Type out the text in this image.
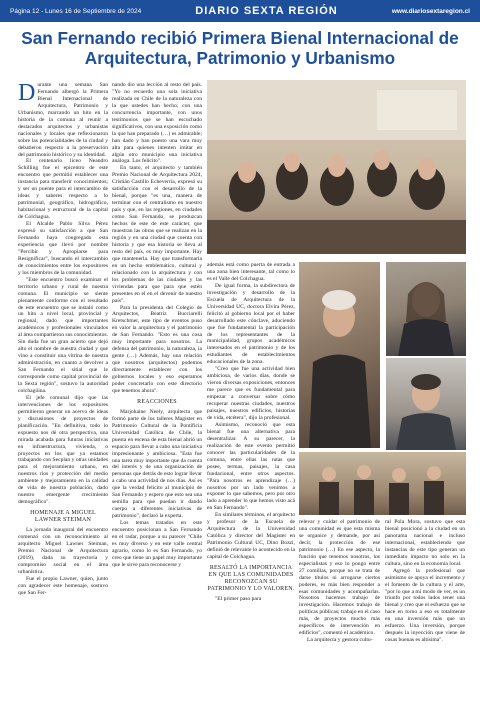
Página 12 - Lunes 16 de Septiembre de 2024	DIARIO SEXTA REGIÓN	www.diariosextaregion.cl
San Fernando recibió Primera Bienal Internacional de Arquitectura, Patrimonio y Urbanismo

Durante una semana San Fernando albergó la Primera Bienal Internacional de Arquitectura, Patrimonio y Urbanismo, marcando un hito en la historia de la comuna al reunir a destacados arquitectos y urbanistas nacionales y locales que reflexionaron sobre las potencialidades de la ciudad y debatieron respecto a la preservación del patrimonio histórico y su identidad.

El centenario liceo Neandro Schilling fue el epicentro de este encuentro que permitió establecer una instancia para transferir conocimientos; y ser un puente para el intercambio de ideas y saberes respecto a lo patrimonial, geográfico, hidrográfico, habitacional y estructural de la capital de Colchagua.

El Alcalde Pablo Silva Pérez expresó su satisfacción a que San Fernando haya congregado esta experiencia que llevó por nombre "Percibir y Apropiarse para Resignificar", buscando el intercambio de conocimientos entre los expositores y los miembros de la comunidad.

"Este encuentro buscó examinar el territorio urbano y rural de nuestra comuna. El municipio se siente plenamente conforme con el resultado de este encuentro que se instaló como un hito a nivel local, provincial y regional, dado que importantes académicos y profesionales vinculados al área compartieron sus conocimientos. Sin duda fue un gran acierto que dejó alto el nombre de nuestra ciudad y que vino a constituir una vitrina de nuestra administración, en cuanto a devolver a San Fernando el sitial que le corresponde como capital provincial de la Sexta región", sostuvo la autoridad colchagüina.

El jefe comunal dijo que las intervenciones de los expositores permitieron generar un acervo de ideas y discusiones de proyectos de planificación. "En definitiva, todo lo expuesto nos dé otra perspectiva, una mirada acabada para futuras iniciativas en infraestructura, vivienda, o proyectos en los que ya estamos trabajando con Secplan y otras unidades para el mejoramiento urbano, en nuestros ríos y protección del medio ambiente y mejoramiento en la calidad de vida de nuestra población, dado nuestro emergente crecimiento demográfico".

HOMENAJE A MIGUEL LAWNER STEIMAN

La jornada inaugural del encuentro comenzó con un reconocimiento al arquitecto Miguel Lawner Steiman, Premio Nacional de Arquitectura (2019), dada su trayectoria y compromiso social en el área urbanística.

Fue el propio Lawner, quien, junto con agradecer este homenaje, sostuvo que San Fer-

nando dio una lección al resto del país. "Yo no recuerdo una sola iniciativa realizada en Chile de la naturaleza con la que ustedes han hecho; con una concurrencia importante, con unos testimonios que se han escuchado significativos, con una exposición como la que han preparado (…) es admirable; han dado y han puesto una vara muy alta para quienes intenten imitar en algún otro municipio una iniciativa análoga. Los felicito".

En tanto, el arquitecto y también Premio Nacional de Arquitectura 2024, Cristián Castillo Echeverría, expresó su satisfacción con el desarrollo de la bienal, porque "es una, manera de terminar con el centralismo en nuestro país y que, en las regiones, en ciudades como San Fernando, se produzcan hechos de este de este carácter, que muestran las obras que se realizan en la región y en una ciudad que cuenta con historia y que esa historia se lleva al resto del país, es muy importante. Hay que mantenerla. Hay que transformarla en un hecho emblemático, cultural y relacionado con la arquitectura y con los problemas de las ciudades y las viviendas para que para que estén presentes en el en el devenir de nuestro país".

Para la presidenta del Colegio de Arquitectos, Beatriz Bucciarelli Kretschmer, este tipo de eventos puso en valor la arquitectura y el patrimonio de San Fernando. "Esto es una cosa muy importante para nosotros. La defensa del patrimonio, la naturaleza, la gente (…) Además, hay una relación que nosotros (arquitectos) podemos directamente establecer con los gobiernos locales y eso esperamos poder concretarlo con este directorio que tenemos ahora".

REACCIONES

Marjohaine Neely, arquitecta que formó parte de los talleres Magister en Patrimonio Cultural de la Pontificia Universidad Católica de Chile, la puesta en escena de esta bienal abrió un espacio para llevar a cabo una iniciativa impresionante y ambiciosa. "Esta fue una tarea muy importante que da cuenta del interés y de una organización de personas que detrás de esto lograr llevar a cabo una actividad de nos días. Así es que la verdad felicito al municipio de San Fernando y espero que esto sea una semilla para que puedan ir dando cuerpo a diferentes iniciativas de patrimonio", declaró la experta.

Los temas tratados en este encuentro posicionan a San Fernando en el radar, porque a su parecer "Chile es muy diverso y en este valle central agrario, como lo es San Fernando, yo creo que tiene un papel muy importante que le sirve para reconocerse y

además está como puerta de entrada a una zona bien interesante, tal como lo es el Valle del Colchagua.

De igual forma, la subdirectora de investigación y desarrollo de la Escuela de Arquitectura de la Universidad UC, doctora Elvira Pérez, felicitó al gobierno local por el haber desarrollado este cónclave, aduciendo que fue fundamental la participación de los representantes de la municipalidad, grupos académicos interesados en el patrimonio y de los estudiantes de establecimientos educacionales de la zona.

"Creo que fue una actividad bien ambiciosa, de varios días, donde se vieron diversas exposiciones, entonces me parece que es fundamental para empezar a conversar sobre cómo recuperar nuestras ciudades, nuestros paisajes, nuestros edificios, historias de vida, etcétera", dijo la profesional.

Asimismo, reconoció que esta bienal fue una alternativa para desentralizar. A su parecer, la realización de este evento permitió conocer las particularidades de la comuna, entre ellas las rutas que posee, termas, paisajes, la casa fundacional, entre otros aspectos. "Para nosotros es aprendizaje (…) nosotros por un lado venimos a exponer lo que sabemos, pero por otro lado a aprender lo que hemos visto acá en San Fernando".

En similares términos, el arquitecto y profesor de la Escuela de Arquitectura de la Universidad Católica y director del Magister en Patrimonio Cultural UC, Dino Bozzi, definió de relevante lo acontecido en la capital de Colchagua.

RESALTÓ LA IMPORTANCIA EN QUE LAS COMUNIDADES RECONOZCAN SU PATRIMONIO Y LO VALOREN.

"El primer paso para

relevar y cuidar el patrimonio de una comunidad es que esta misma se organice y demande, por así decir, la protección de ese patrimonio (…) En ese aspecto, la función que tenemos nosotros, los especialistas y eso lo pongo entre 27 comillas, porque no se trata de darse títulos ni arrogarse ciertos poderes, es más bien responder a esas comunidades y acompañarlas. Nosotros hacemos trabajo de investigación. Hacemos trabajo de políticas públicas; trabajo en el caso más, de proyectos mucho más específicos de intervención en edificios", comentó el académico.

La arquitecta y gestora cultu-

ral Pola Mora, sostuvo que esta bienal posicionó a la ciudad en un panorama nacional e incluso internacional, estableciendo que instancias de este tipo generan un inmediato impacto no solo en la cultura, sino en la economía local.

Agregó la profesional que asimismo se apoya el incremento y el fomento de la cultura y el arte, "por lo que a mi modo de ver, es un triunfo por todos lados tener una bienal y creo que el esfuerzo que se hace en torno a eso es totalmente en una inversión más que un esfuerzo. Una inversión, porque después la inyección que viene de cosas buenas es altísima".
